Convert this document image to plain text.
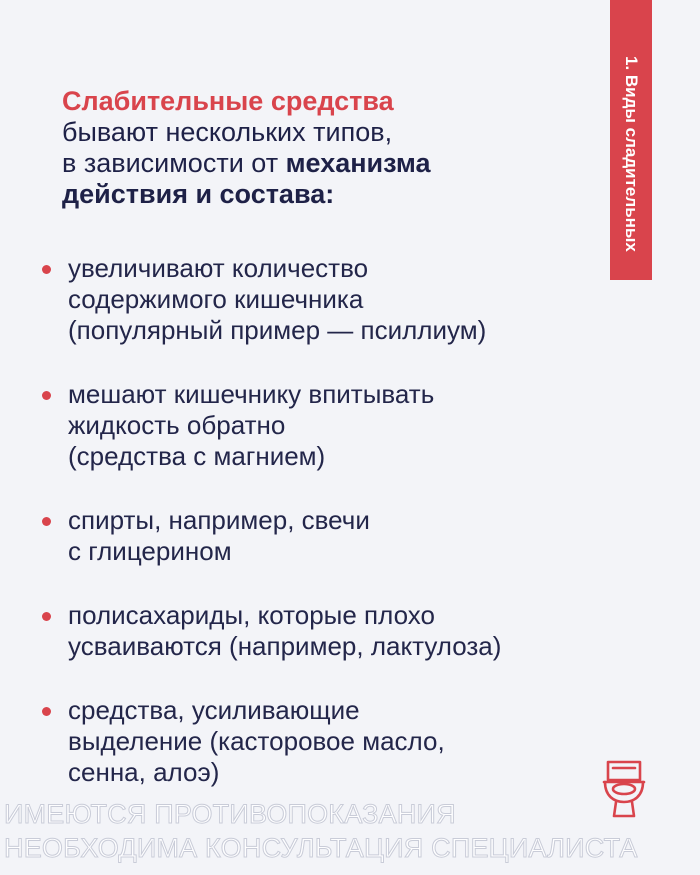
1. Виды сладительных
Слабительные средства
бывают нескольких типов,
в зависимости от механизма
действия и состава:
увеличивают количество
содержимого кишечника
(популярный пример — псиллиум)
мешают кишечнику впитывать
жидкость обратно
(средства с магнием)
спирты, например, свечи
с глицерином
полисахариды, которые плохо
усваиваются (например, лактулоза)
средства, усиливающие
выделение (касторовое масло,
сенна, алоэ)
ИМЕЮТСЯ ПРОТИВОПОКАЗАНИЯ
НЕОБХОДИМА КОНСУЛЬТАЦИЯ СПЕЦИАЛИСТА
